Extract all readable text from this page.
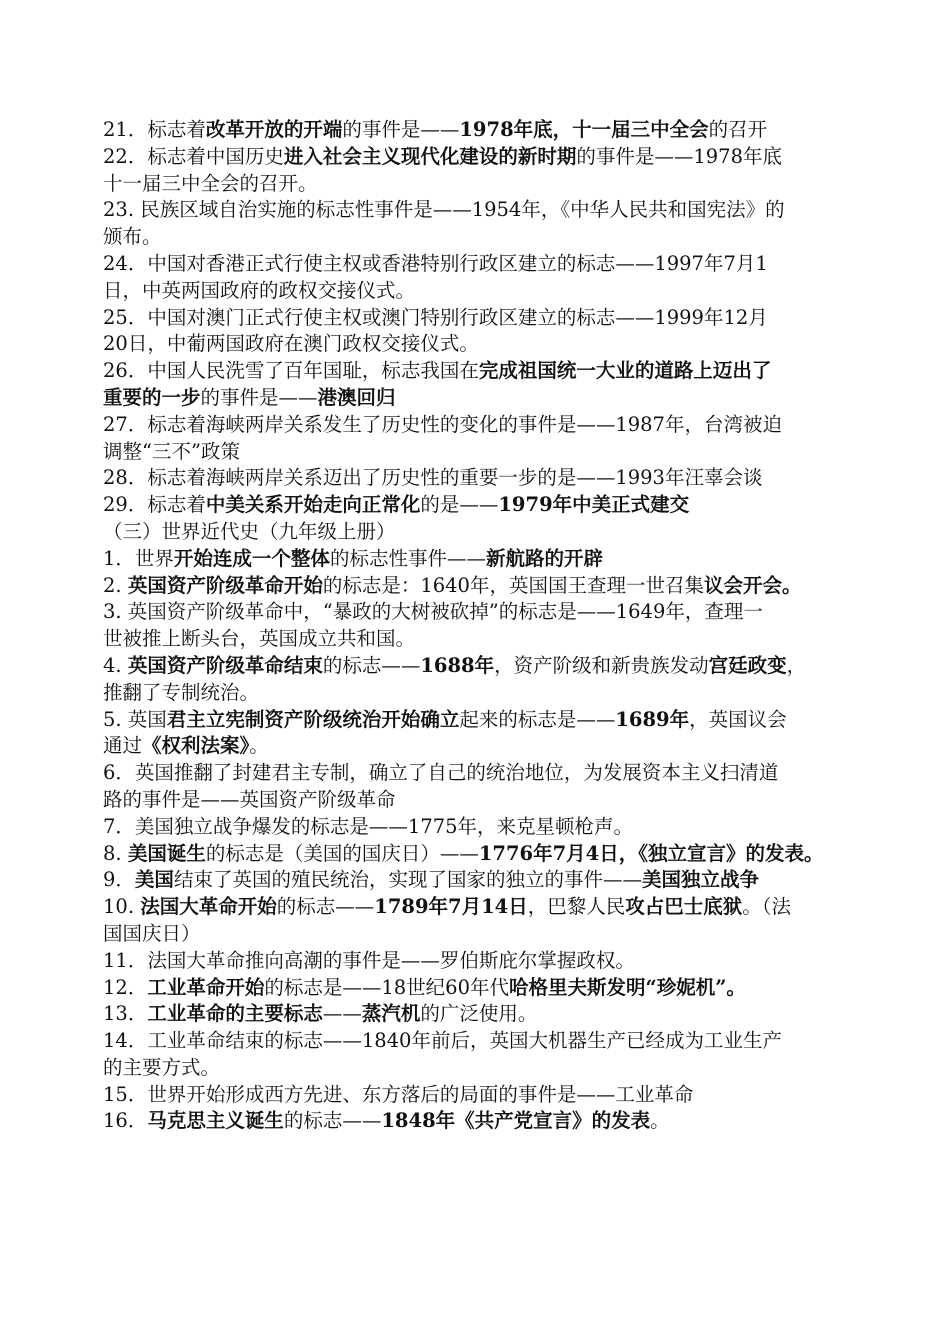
21．标志着改革开放的开端的事件是——1978年底，十一届三中全会的召开
22．标志着中国历史进入社会主义现代化建设的新时期的事件是——1978年底
十一届三中全会的召开。
23. 民族区域自治实施的标志性事件是——1954年，《中华人民共和国宪法》的
颁布。
24．中国对香港正式行使主权或香港特别行政区建立的标志——1997年7月1
日，中英两国政府的政权交接仪式。
25．中国对澳门正式行使主权或澳门特别行政区建立的标志——1999年12月
20日，中葡两国政府在澳门政权交接仪式。
26．中国人民洗雪了百年国耻，标志我国在完成祖国统一大业的道路上迈出了
重要的一步的事件是——港澳回归
27．标志着海峡两岸关系发生了历史性的变化的事件是——1987年，台湾被迫
调整“三不”政策
28．标志着海峡两岸关系迈出了历史性的重要一步的是——1993年汪辜会谈
29．标志着中美关系开始走向正常化的是——1979年中美正式建交
（三）世界近代史（九年级上册）
1．世界开始连成一个整体的标志性事件——新航路的开辟
2. 英国资产阶级革命开始的标志是：1640年，英国国王查理一世召集议会开会。
3. 英国资产阶级革命中，“暴政的大树被砍掉”的标志是——1649年，查理一
世被推上断头台，英国成立共和国。
4. 英国资产阶级革命结束的标志——1688年，资产阶级和新贵族发动宫廷政变，
推翻了专制统治。
5. 英国君主立宪制资产阶级统治开始确立起来的标志是——1689年，英国议会
通过《权利法案》。
6．英国推翻了封建君主专制，确立了自己的统治地位，为发展资本主义扫清道
路的事件是——英国资产阶级革命
7．美国独立战争爆发的标志是——1775年，来克星顿枪声。
8. 美国诞生的标志是（美国的国庆日）——1776年7月4日，《独立宣言》的发表。
9．美国结束了英国的殖民统治，实现了国家的独立的事件——美国独立战争
10. 法国大革命开始的标志——1789年7月14日，巴黎人民攻占巴士底狱。（法
国国庆日）
11．法国大革命推向高潮的事件是——罗伯斯庇尔掌握政权。
12．工业革命开始的标志是——18世纪60年代哈格里夫斯发明“珍妮机”。
13．工业革命的主要标志——蒸汽机的广泛使用。
14．工业革命结束的标志——1840年前后，英国大机器生产已经成为工业生产
的主要方式。
15．世界开始形成西方先进、东方落后的局面的事件是——工业革命
16．马克思主义诞生的标志——1848年《共产党宣言》的发表。
